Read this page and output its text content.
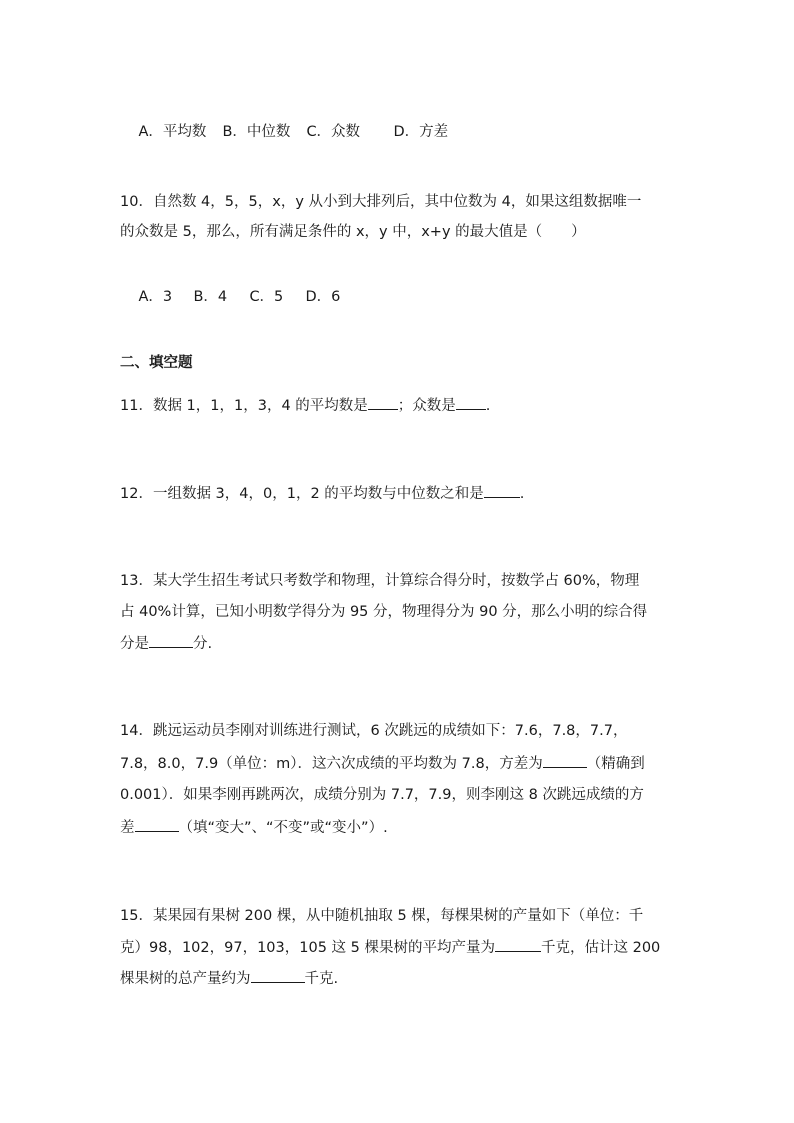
A．平均数 B．中位数 C．众数 D．方差

10．自然数 4，5，5，x，y 从小到大排列后，其中位数为 4，如果这组数据唯一
的众数是 5，那么，所有满足条件的 x，y 中，x+y 的最大值是（　　）

A．3 B．4 C．5 D．6

二、填空题
11．数据 1，1，1，3，4 的平均数是 ；众数是 .
12．一组数据 3，4，0，1，2 的平均数与中位数之和是 .
13．某大学生招生考试只考数学和物理，计算综合得分时，按数学占 60%，物理
占 40%计算，已知小明数学得分为 95 分，物理得分为 90 分，那么小明的综合得
分是	分.
14．跳远运动员李刚对训练进行测试，6 次跳远的成绩如下：7.6，7.8，7.7，
7.8，8.0，7.9（单位：m）．这六次成绩的平均数为 7.8，方差为	（精确到
0.001）．如果李刚再跳两次，成绩分别为 7.7，7.9，则李刚这 8 次跳远成绩的方
差	（填“变大”、“不变”或“变小”）.
15．某果园有果树 200 棵，从中随机抽取 5 棵，每棵果树的产量如下（单位：千
克）98，102，97，103，105 这 5 棵果树的平均产量为	千克，估计这 200
棵果树的总产量约为	千克.
